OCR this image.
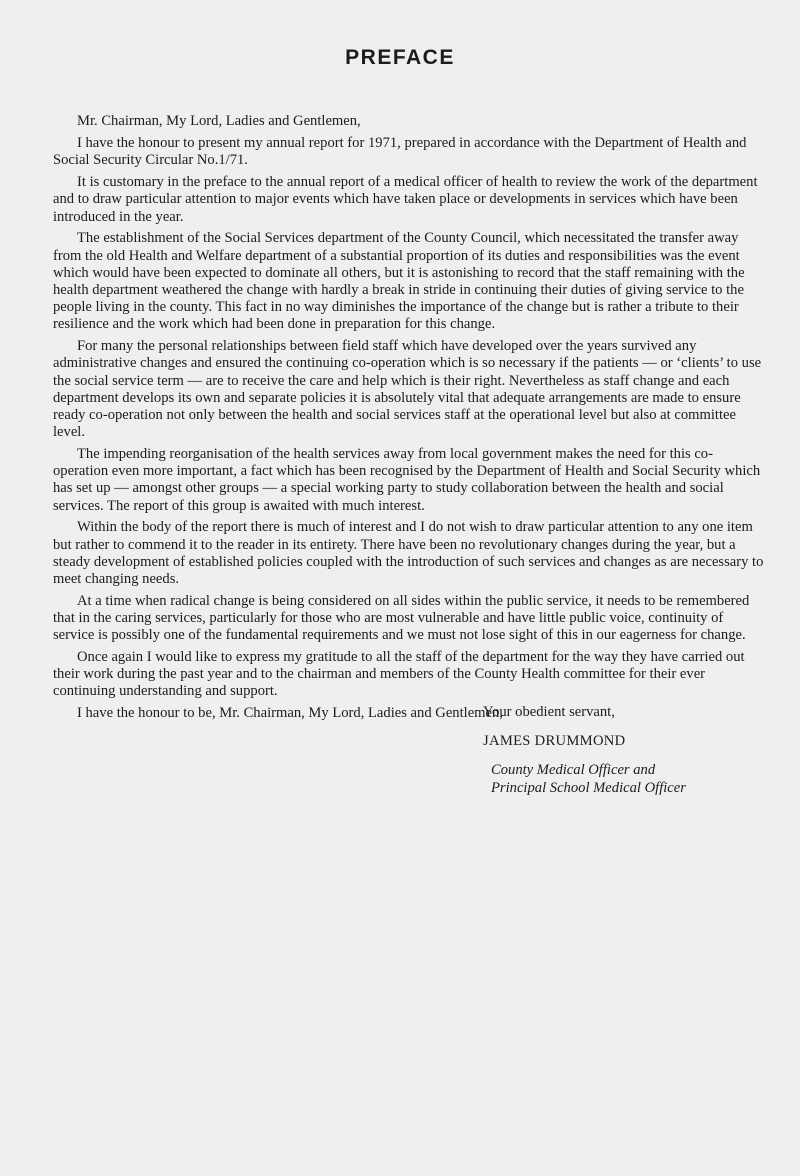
PREFACE

Mr. Chairman, My Lord, Ladies and Gentlemen,

I have the honour to present my annual report for 1971, prepared in accordance with the Department of Health and Social Security Circular No.1/71.

It is customary in the preface to the annual report of a medical officer of health to review the work of the department and to draw particular attention to major events which have taken place or developments in services which have been introduced in the year.

The establishment of the Social Services department of the County Council, which necessitated the transfer away from the old Health and Welfare department of a substantial proportion of its duties and responsibilities was the event which would have been expected to dominate all others, but it is astonishing to record that the staff remaining with the health department weathered the change with hardly a break in stride in continuing their duties of giving service to the people living in the county. This fact in no way diminishes the importance of the change but is rather a tribute to their resilience and the work which had been done in preparation for this change.

For many the personal relationships between field staff which have developed over the years survived any administrative changes and ensured the continuing co-operation which is so necessary if the patients — or ‘clients’ to use the social service term — are to receive the care and help which is their right. Nevertheless as staff change and each department develops its own and separate policies it is absolutely vital that adequate arrangements are made to ensure ready co-operation not only between the health and social services staff at the operational level but also at committee level.

The impending reorganisation of the health services away from local government makes the need for this co-operation even more important, a fact which has been recognised by the Department of Health and Social Security which has set up — amongst other groups — a special working party to study collaboration between the health and social services. The report of this group is awaited with much interest.

Within the body of the report there is much of interest and I do not wish to draw particular attention to any one item but rather to commend it to the reader in its entirety. There have been no revolutionary changes during the year, but a steady development of established policies coupled with the introduction of such services and changes as are necessary to meet changing needs.

At a time when radical change is being considered on all sides within the public service, it needs to be remembered that in the caring services, particularly for those who are most vulnerable and have little public voice, continuity of service is possibly one of the fundamental requirements and we must not lose sight of this in our eagerness for change.

Once again I would like to express my gratitude to all the staff of the department for the way they have carried out their work during the past year and to the chairman and members of the County Health committee for their ever continuing understanding and support.

I have the honour to be, Mr. Chairman, My Lord, Ladies and Gentlemen,

Your obedient servant,

JAMES DRUMMOND

County Medical Officer and

Principal School Medical Officer
